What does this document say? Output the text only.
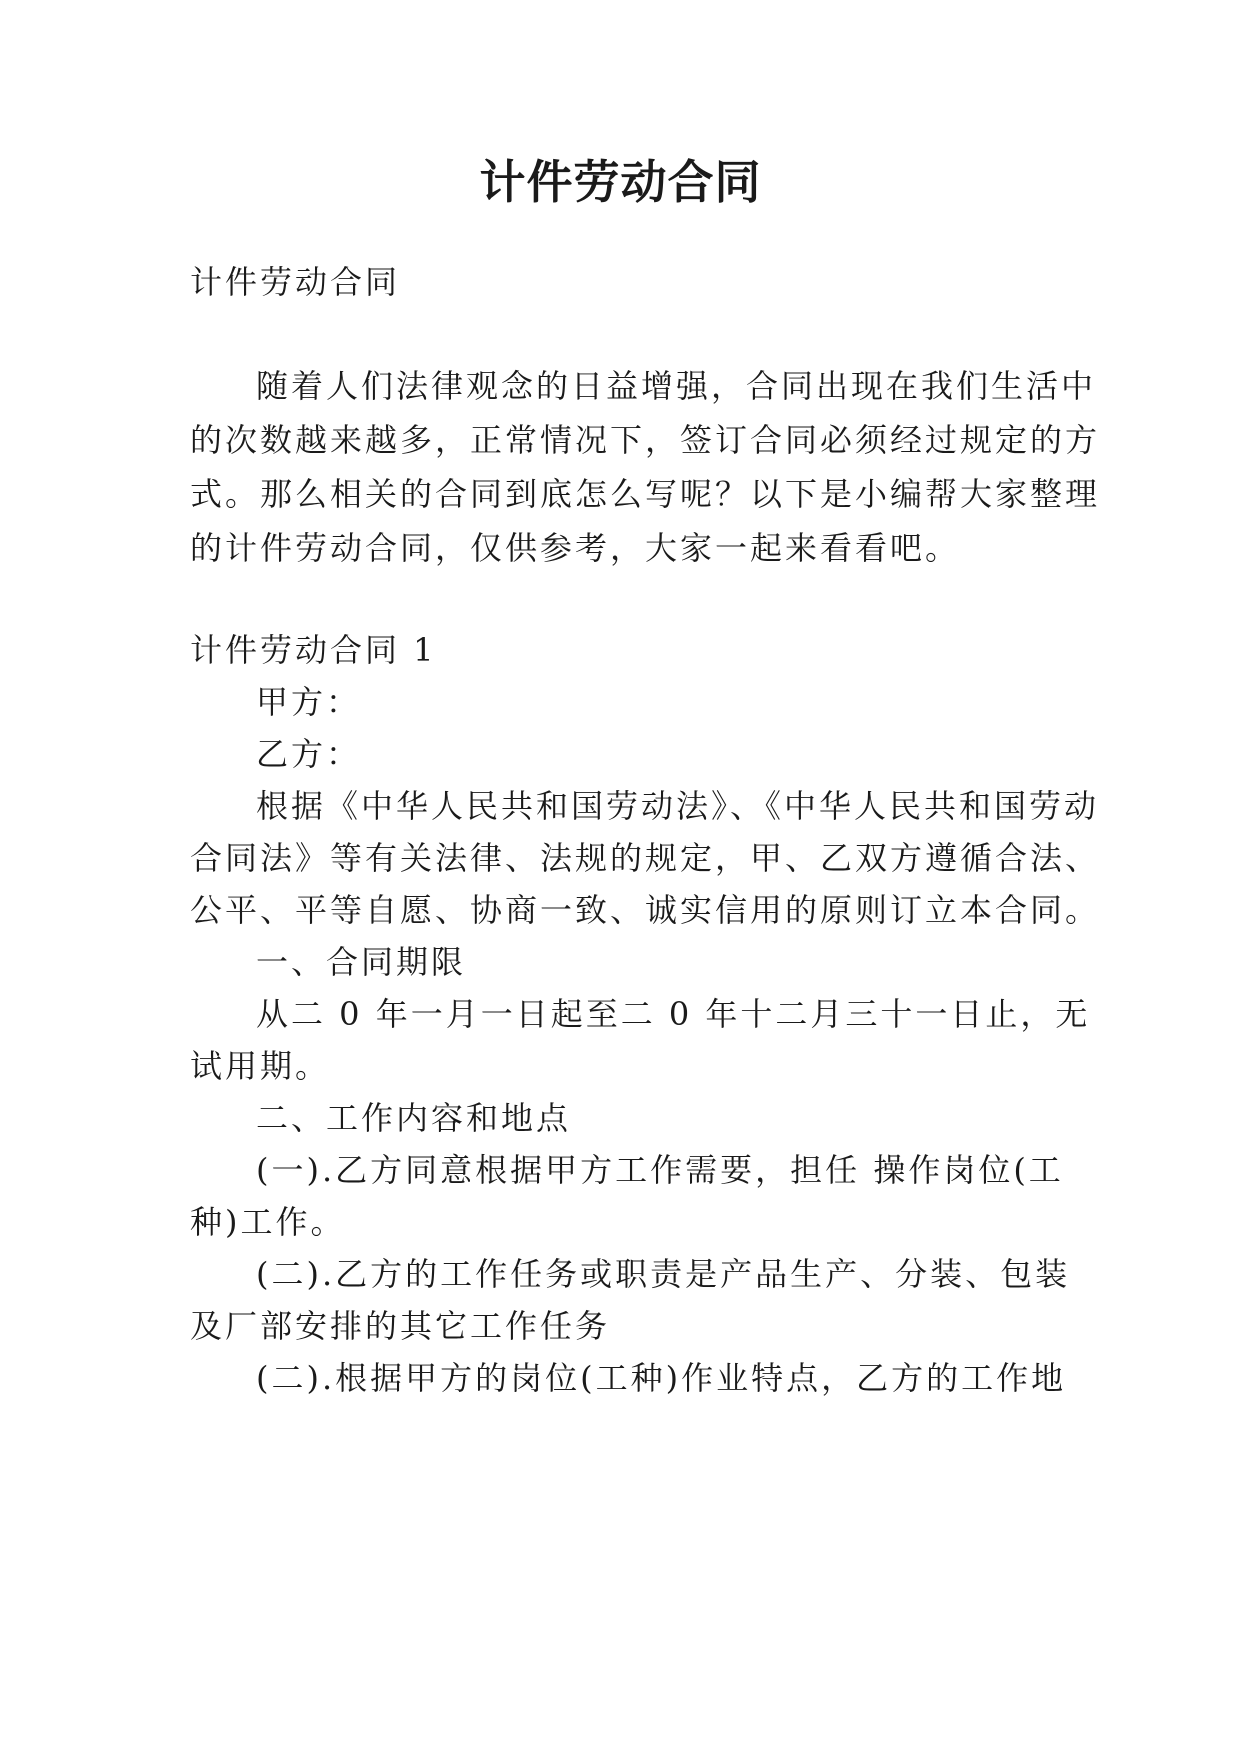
计件劳动合同
计件劳动合同
随着人们法律观念的日益增强，合同出现在我们生活中
的次数越来越多，正常情况下，签订合同必须经过规定的方
式。那么相关的合同到底怎么写呢？以下是小编帮大家整理
的计件劳动合同，仅供参考，大家一起来看看吧。
计件劳动合同 1
甲方：
乙方：
根据《中华人民共和国劳动法》、《中华人民共和国劳动
合同法》等有关法律、法规的规定，甲、乙双方遵循合法、
公平、平等自愿、协商一致、诚实信用的原则订立本合同。
一、合同期限
从二 0 年一月一日起至二 0 年十二月三十一日止，无
试用期。
二、工作内容和地点
(一).乙方同意根据甲方工作需要，担任 操作岗位(工
种)工作。
(二).乙方的工作任务或职责是产品生产、分装、包装
及厂部安排的其它工作任务
(二).根据甲方的岗位(工种)作业特点，乙方的工作地
